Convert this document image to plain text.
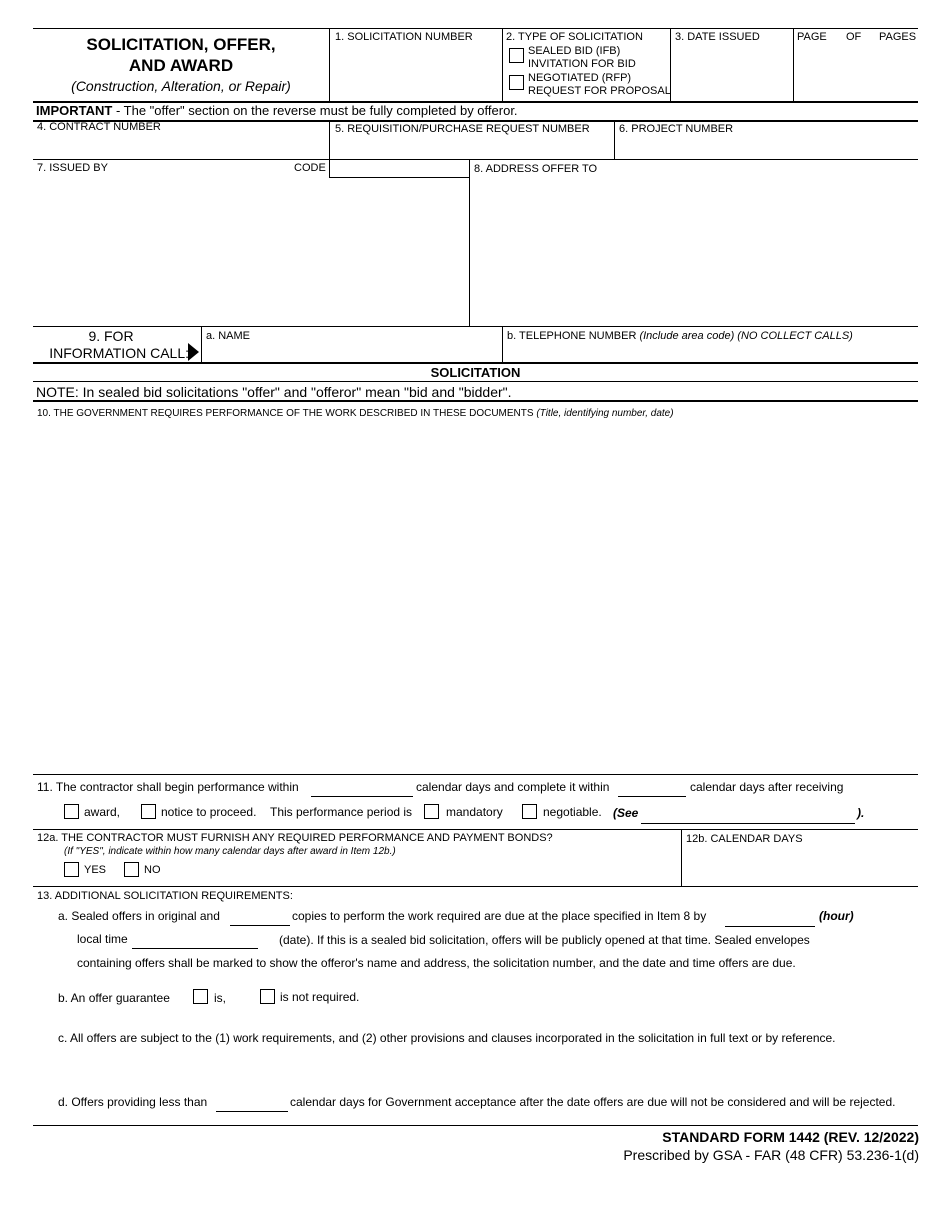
SOLICITATION, OFFER,
AND AWARD
(Construction, Alteration, or Repair)
1. SOLICITATION NUMBER	2. TYPE OF SOLICITATION
SEALED BID (IFB)
INVITATION FOR BID
NEGOTIATED (RFP)
REQUEST FOR PROPOSAL
3. DATE ISSUED	PAGE OF PAGES
IMPORTANT - The "offer" section on the reverse must be fully completed by offeror.
4. CONTRACT NUMBER	5. REQUISITION/PURCHASE REQUEST NUMBER	6. PROJECT NUMBER
7. ISSUED BY	CODE	8. ADDRESS OFFER TO
9. FOR
INFORMATION CALL:
a. NAME	b. TELEPHONE NUMBER (Include area code) (NO COLLECT CALLS)
SOLICITATION
NOTE: In sealed bid solicitations "offer" and "offeror" mean "bid and "bidder".
10. THE GOVERNMENT REQUIRES PERFORMANCE OF THE WORK DESCRIBED IN THESE DOCUMENTS (Title, identifying number, date)
11. The contractor shall begin performance within	calendar days and complete it within	calendar days after receiving
award,	notice to proceed. This performance period is	mandatory	negotiable. (See	).
12a. THE CONTRACTOR MUST FURNISH ANY REQUIRED PERFORMANCE AND PAYMENT BONDS?
(If "YES", indicate within how many calendar days after award in Item 12b.)
YES	NO
12b. CALENDAR DAYS
13. ADDITIONAL SOLICITATION REQUIREMENTS:
a. Sealed offers in original and	copies to perform the work required are due at the place specified in Item 8 by	(hour)
local time	(date). If this is a sealed bid solicitation, offers will be publicly opened at that time. Sealed envelopes
containing offers shall be marked to show the offeror's name and address, the solicitation number, and the date and time offers are due.
b. An offer guarantee	is,	is not required.
c. All offers are subject to the (1) work requirements, and (2) other provisions and clauses incorporated in the solicitation in full text or by reference.
d. Offers providing less than	calendar days for Government acceptance after the date offers are due will not be considered and will be rejected.
STANDARD FORM 1442 (REV. 12/2022)
Prescribed by GSA - FAR (48 CFR) 53.236-1(d)
